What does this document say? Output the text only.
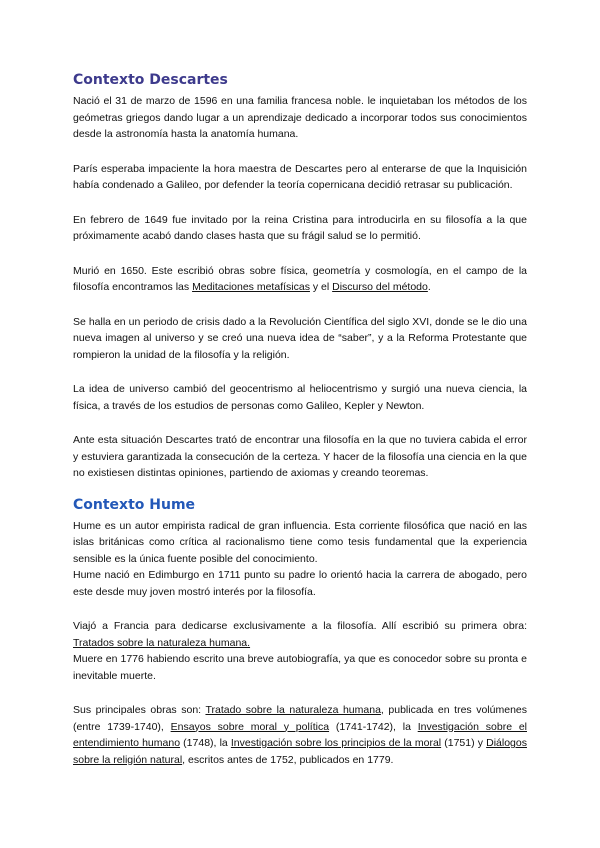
Contexto Descartes

Nació el 31 de marzo de 1596 en una familia francesa noble. le inquietaban los métodos de los geómetras griegos dando lugar a un aprendizaje dedicado a incorporar todos sus conocimientos desde la astronomía hasta la anatomía humana.

París esperaba impaciente la hora maestra de Descartes pero al enterarse de que la Inquisición había condenado a Galileo, por defender la teoría copernicana decidió retrasar su publicación.

En febrero de 1649 fue invitado por la reina Cristina para introducirla en su filosofía a la que próximamente acabó dando clases hasta que su frágil salud se lo permitió.

Murió en 1650. Este escribió obras sobre física, geometría y cosmología, en el campo de la filosofía encontramos las Meditaciones metafísicas y el Discurso del método.

Se halla en un periodo de crisis dado a la Revolución Científica del siglo XVI, donde se le dio una nueva imagen al universo y se creó una nueva idea de “saber”, y a la Reforma Protestante que rompieron la unidad de la filosofía y la religión.

La idea de universo cambió del geocentrismo al heliocentrismo y surgió una nueva ciencia, la física, a través de los estudios de personas como Galileo, Kepler y Newton.

Ante esta situación Descartes trató de encontrar una filosofía en la que no tuviera cabida el error y estuviera garantizada la consecución de la certeza. Y hacer de la filosofía una ciencia en la que no existiesen distintas opiniones, partiendo de axiomas y creando teoremas.

Contexto Hume

Hume es un autor empirista radical de gran influencia. Esta corriente filosófica que nació en las islas británicas como crítica al racionalismo tiene como tesis fundamental que la experiencia sensible es la única fuente posible del conocimiento.

Hume nació en Edimburgo en 1711 punto su padre lo orientó hacia la carrera de abogado, pero este desde muy joven mostró interés por la filosofía.

Viajó a Francia para dedicarse exclusivamente a la filosofía. Allí escribió su primera obra: Tratados sobre la naturaleza humana.

Muere en 1776 habiendo escrito una breve autobiografía, ya que es conocedor sobre su pronta e inevitable muerte.

Sus principales obras son: Tratado sobre la naturaleza humana, publicada en tres volúmenes (entre 1739-1740), Ensayos sobre moral y política (1741-1742), la Investigación sobre el entendimiento humano (1748), la Investigación sobre los principios de la moral (1751) y Diálogos sobre la religión natural, escritos antes de 1752, publicados en 1779.
